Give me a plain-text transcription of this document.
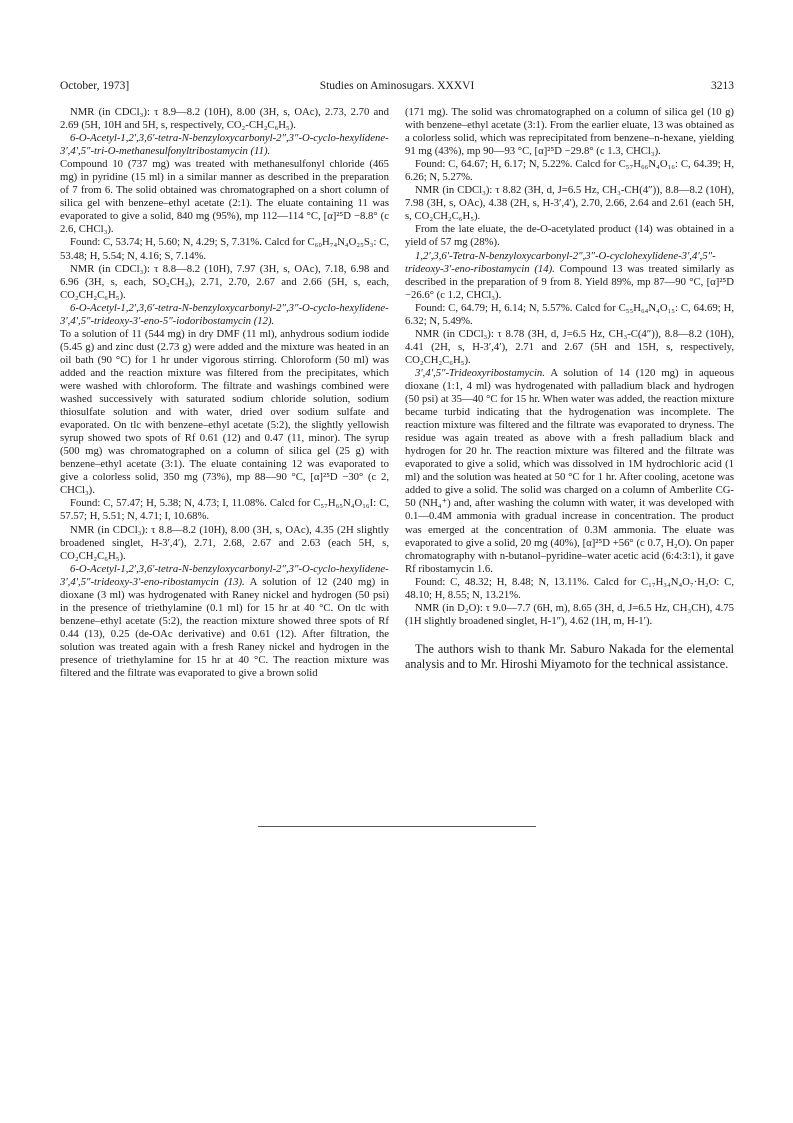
October, 1973]	Studies on Aminosugars. XXXVI	3213

NMR (in CDCl₃): τ 8.9—8.2 (10H), 8.00 (3H, s, OAc), 2.73, 2.70 and 2.69 (5H, 10H and 5H, s, respectively, CO₂-CH₂C₆H₅).

6-O-Acetyl-1,2′,3,6′-tetra-N-benzyloxycarbonyl-2″,3″-O-cyclo-hexylidene-3′,4′,5″-tri-O-methanesulfonyltribostamycin (11).

Compound 10 (737 mg) was treated with methanesulfonyl chloride (465 mg) in pyridine (15 ml) in a similar manner as described in the preparation of 7 from 6. The solid obtained was chromatographed on a short column of silica gel with benzene–ethyl acetate (2:1). The eluate containing 11 was evaporated to give a solid, 840 mg (95%), mp 112—114 °C, [α]²⁵D −8.8° (c 2.6, CHCl₃).

Found: C, 53.74; H, 5.60; N, 4.29; S, 7.31%. Calcd for C₆₀H₇₄N₄O₂₅S₃: C, 53.48; H, 5.54; N, 4.16; S, 7.14%.

NMR (in CDCl₃): τ 8.8—8.2 (10H), 7.97 (3H, s, OAc), 7.18, 6.98 and 6.96 (3H, s, each, SO₂CH₃), 2.71, 2.70, 2.67 and 2.66 (5H, s, each, CO₂CH₂C₆H₅).

6-O-Acetyl-1,2′,3,6′-tetra-N-benzyloxycarbonyl-2″,3″-O-cyclo-hexylidene-3′,4′,5″-trideoxy-3′-eno-5″-iodoribostamycin (12).

To a solution of 11 (544 mg) in dry DMF (11 ml), anhydrous sodium iodide (5.45 g) and zinc dust (2.73 g) were added and the mixture was heated in an oil bath (90 °C) for 1 hr under vigorous stirring. Chloroform (50 ml) was added and the reaction mixture was filtered from the precipitates, which were washed with chloroform. The filtrate and washings combined were washed successively with saturated sodium chloride solution, sodium thiosulfate solution and with water, dried over sodium sulfate and evaporated. On tlc with benzene–ethyl acetate (5:2), the slightly yellowish syrup showed two spots of Rf 0.61 (12) and 0.47 (11, minor). The syrup (500 mg) was chromatographed on a column of silica gel (25 g) with benzene–ethyl acetate (3:1). The eluate containing 12 was evaporated to give a colorless solid, 350 mg (73%), mp 88—90 °C, [α]²⁵D −30° (c 2, CHCl₃).

Found: C, 57.47; H, 5.38; N, 4.73; I, 11.08%. Calcd for C₅₇H₆₅N₄O₁₆I: C, 57.57; H, 5.51; N, 4.71; I, 10.68%.

NMR (in CDCl₃): τ 8.8—8.2 (10H), 8.00 (3H, s, OAc), 4.35 (2H slightly broadened singlet, H-3′,4′), 2.71, 2.68, 2.67 and 2.63 (each 5H, s, CO₂CH₂C₆H₅).

6-O-Acetyl-1,2′,3,6′-tetra-N-benzyloxycarbonyl-2″,3″-O-cyclo-hexylidene-3′,4′,5″-trideoxy-3′-eno-ribostamycin (13). A solution of 12 (240 mg) in dioxane (3 ml) was hydrogenated with Raney nickel and hydrogen (50 psi) in the presence of triethylamine (0.1 ml) for 15 hr at 40 °C. On tlc with benzene–ethyl acetate (5:2), the reaction mixture showed three spots of Rf 0.44 (13), 0.25 (de-OAc derivative) and 0.61 (12). After filtration, the solution was treated again with a fresh Raney nickel and hydrogen in the presence of triethylamine for 15 hr at 40 °C. The reaction mixture was filtered and the filtrate was evaporated to give a brown solid

(171 mg). The solid was chromatographed on a column of silica gel (10 g) with benzene–ethyl acetate (3:1). From the earlier eluate, 13 was obtained as a colorless solid, which was reprecipitated from benzene–n-hexane, yielding 91 mg (43%), mp 90—93 °C, [α]²⁵D −29.8° (c 1.3, CHCl₃).

Found: C, 64.67; H, 6.17; N, 5.22%. Calcd for C₅₇H₆₆N₄O₁₆: C, 64.39; H, 6.26; N, 5.27%.

NMR (in CDCl₃): τ 8.82 (3H, d, J=6.5 Hz, CH₃-CH(4″)), 8.8—8.2 (10H), 7.98 (3H, s, OAc), 4.38 (2H, s, H-3′,4′), 2.70, 2.66, 2.64 and 2.61 (each 5H, s, CO₂CH₂C₆H₅).

From the late eluate, the de-O-acetylated product (14) was obtained in a yield of 57 mg (28%).

1,2′,3,6′-Tetra-N-benzyloxycarbonyl-2″,3″-O-cyclohexylidene-3′,4′,5″-trideoxy-3′-eno-ribostamycin (14). Compound 13 was treated similarly as described in the preparation of 9 from 8. Yield 89%, mp 87—90 °C, [α]²⁵D −26.6° (c 1.2, CHCl₃).

Found: C, 64.79; H, 6.14; N, 5.57%. Calcd for C₅₅H₆₄N₄O₁₅: C, 64.69; H, 6.32; N, 5.49%.

NMR (in CDCl₃): τ 8.78 (3H, d, J=6.5 Hz, CH₃-C(4″)), 8.8—8.2 (10H), 4.41 (2H, s, H-3′,4′), 2.71 and 2.67 (5H and 15H, s, respectively, CO₂CH₂C₆H₅).

3′,4′,5″-Trideoxyribostamycin. A solution of 14 (120 mg) in aqueous dioxane (1:1, 4 ml) was hydrogenated with palladium black and hydrogen (50 psi) at 35—40 °C for 15 hr. When water was added, the reaction mixture became turbid indicating that the hydrogenation was incomplete. The reaction mixture was filtered and the filtrate was evaporated to dryness. The residue was again treated as above with a fresh palladium black and hydrogen for 20 hr. The reaction mixture was filtered and the filtrate was evaporated to give a solid, which was dissolved in 1M hydrochloric acid (1 ml) and the solution was heated at 50 °C for 1 hr. After cooling, acetone was added to give a solid. The solid was charged on a column of Amberlite CG-50 (NH₄⁺) and, after washing the column with water, it was developed with 0.1—0.4M ammonia with gradual increase in concentration. The product was emerged at the concentration of 0.3M ammonia. The eluate was evaporated to give a solid, 20 mg (40%), [α]²⁵D +56° (c 0.7, H₂O). On paper chromatography with n-butanol–pyridine–water acetic acid (6:4:3:1), it gave Rf ribostamycin 1.6.

Found: C, 48.32; H, 8.48; N, 13.11%. Calcd for C₁₇H₃₄N₄O₇·H₂O: C, 48.10; H, 8.55; N, 13.21%.

NMR (in D₂O): τ 9.0—7.7 (6H, m), 8.65 (3H, d, J=6.5 Hz, CH₃CH), 4.75 (1H slightly broadened singlet, H-1″), 4.62 (1H, m, H-1′).

The authors wish to thank Mr. Saburo Nakada for the elemental analysis and to Mr. Hiroshi Miyamoto for the technical assistance.
